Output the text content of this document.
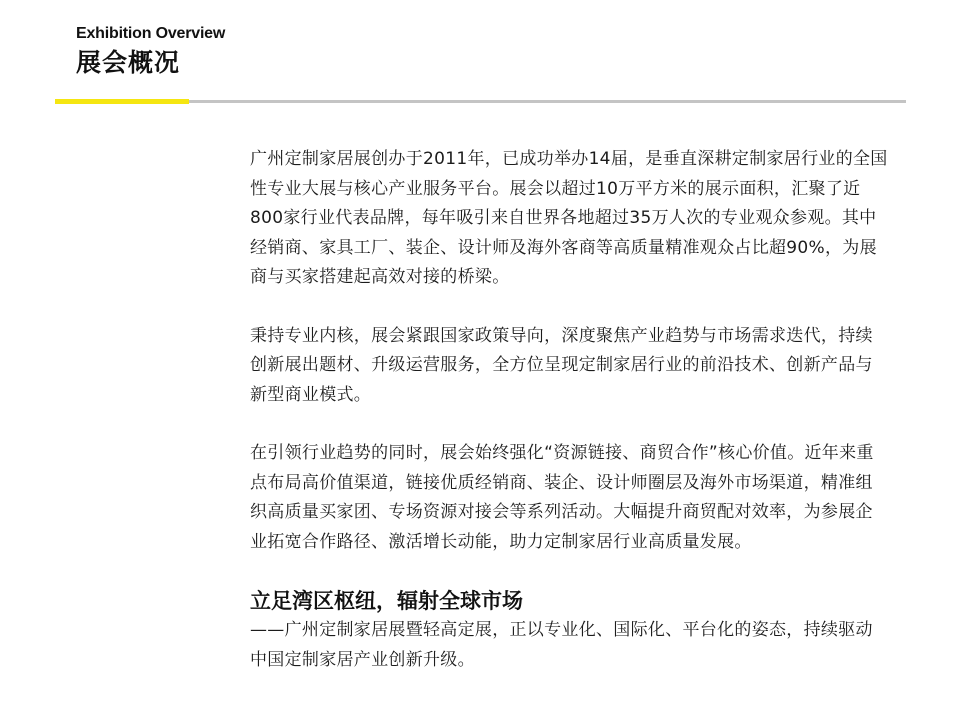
Exhibition Overview
展会概况

广州定制家居展创办于2011年，已成功举办14届，是垂直深耕定制家居行业的全国性专业大展与核心产业服务平台。展会以超过10万平方米的展示面积，汇聚了近800家行业代表品牌，每年吸引来自世界各地超过35万人次的专业观众参观。其中经销商、家具工厂、装企、设计师及海外客商等高质量精准观众占比超90%，为展商与买家搭建起高效对接的桥梁。

秉持专业内核，展会紧跟国家政策导向，深度聚焦产业趋势与市场需求迭代，持续创新展出题材、升级运营服务，全方位呈现定制家居行业的前沿技术、创新产品与新型商业模式。

在引领行业趋势的同时，展会始终强化“资源链接、商贸合作”核心价值。近年来重点布局高价值渠道，链接优质经销商、装企、设计师圈层及海外市场渠道，精准组织高质量买家团、专场资源对接会等系列活动。大幅提升商贸配对效率，为参展企业拓宽合作路径、激活增长动能，助力定制家居行业高质量发展。

立足湾区枢纽，辐射全球市场
——广州定制家居展暨轻高定展，正以专业化、国际化、平台化的姿态，持续驱动中国定制家居产业创新升级。
